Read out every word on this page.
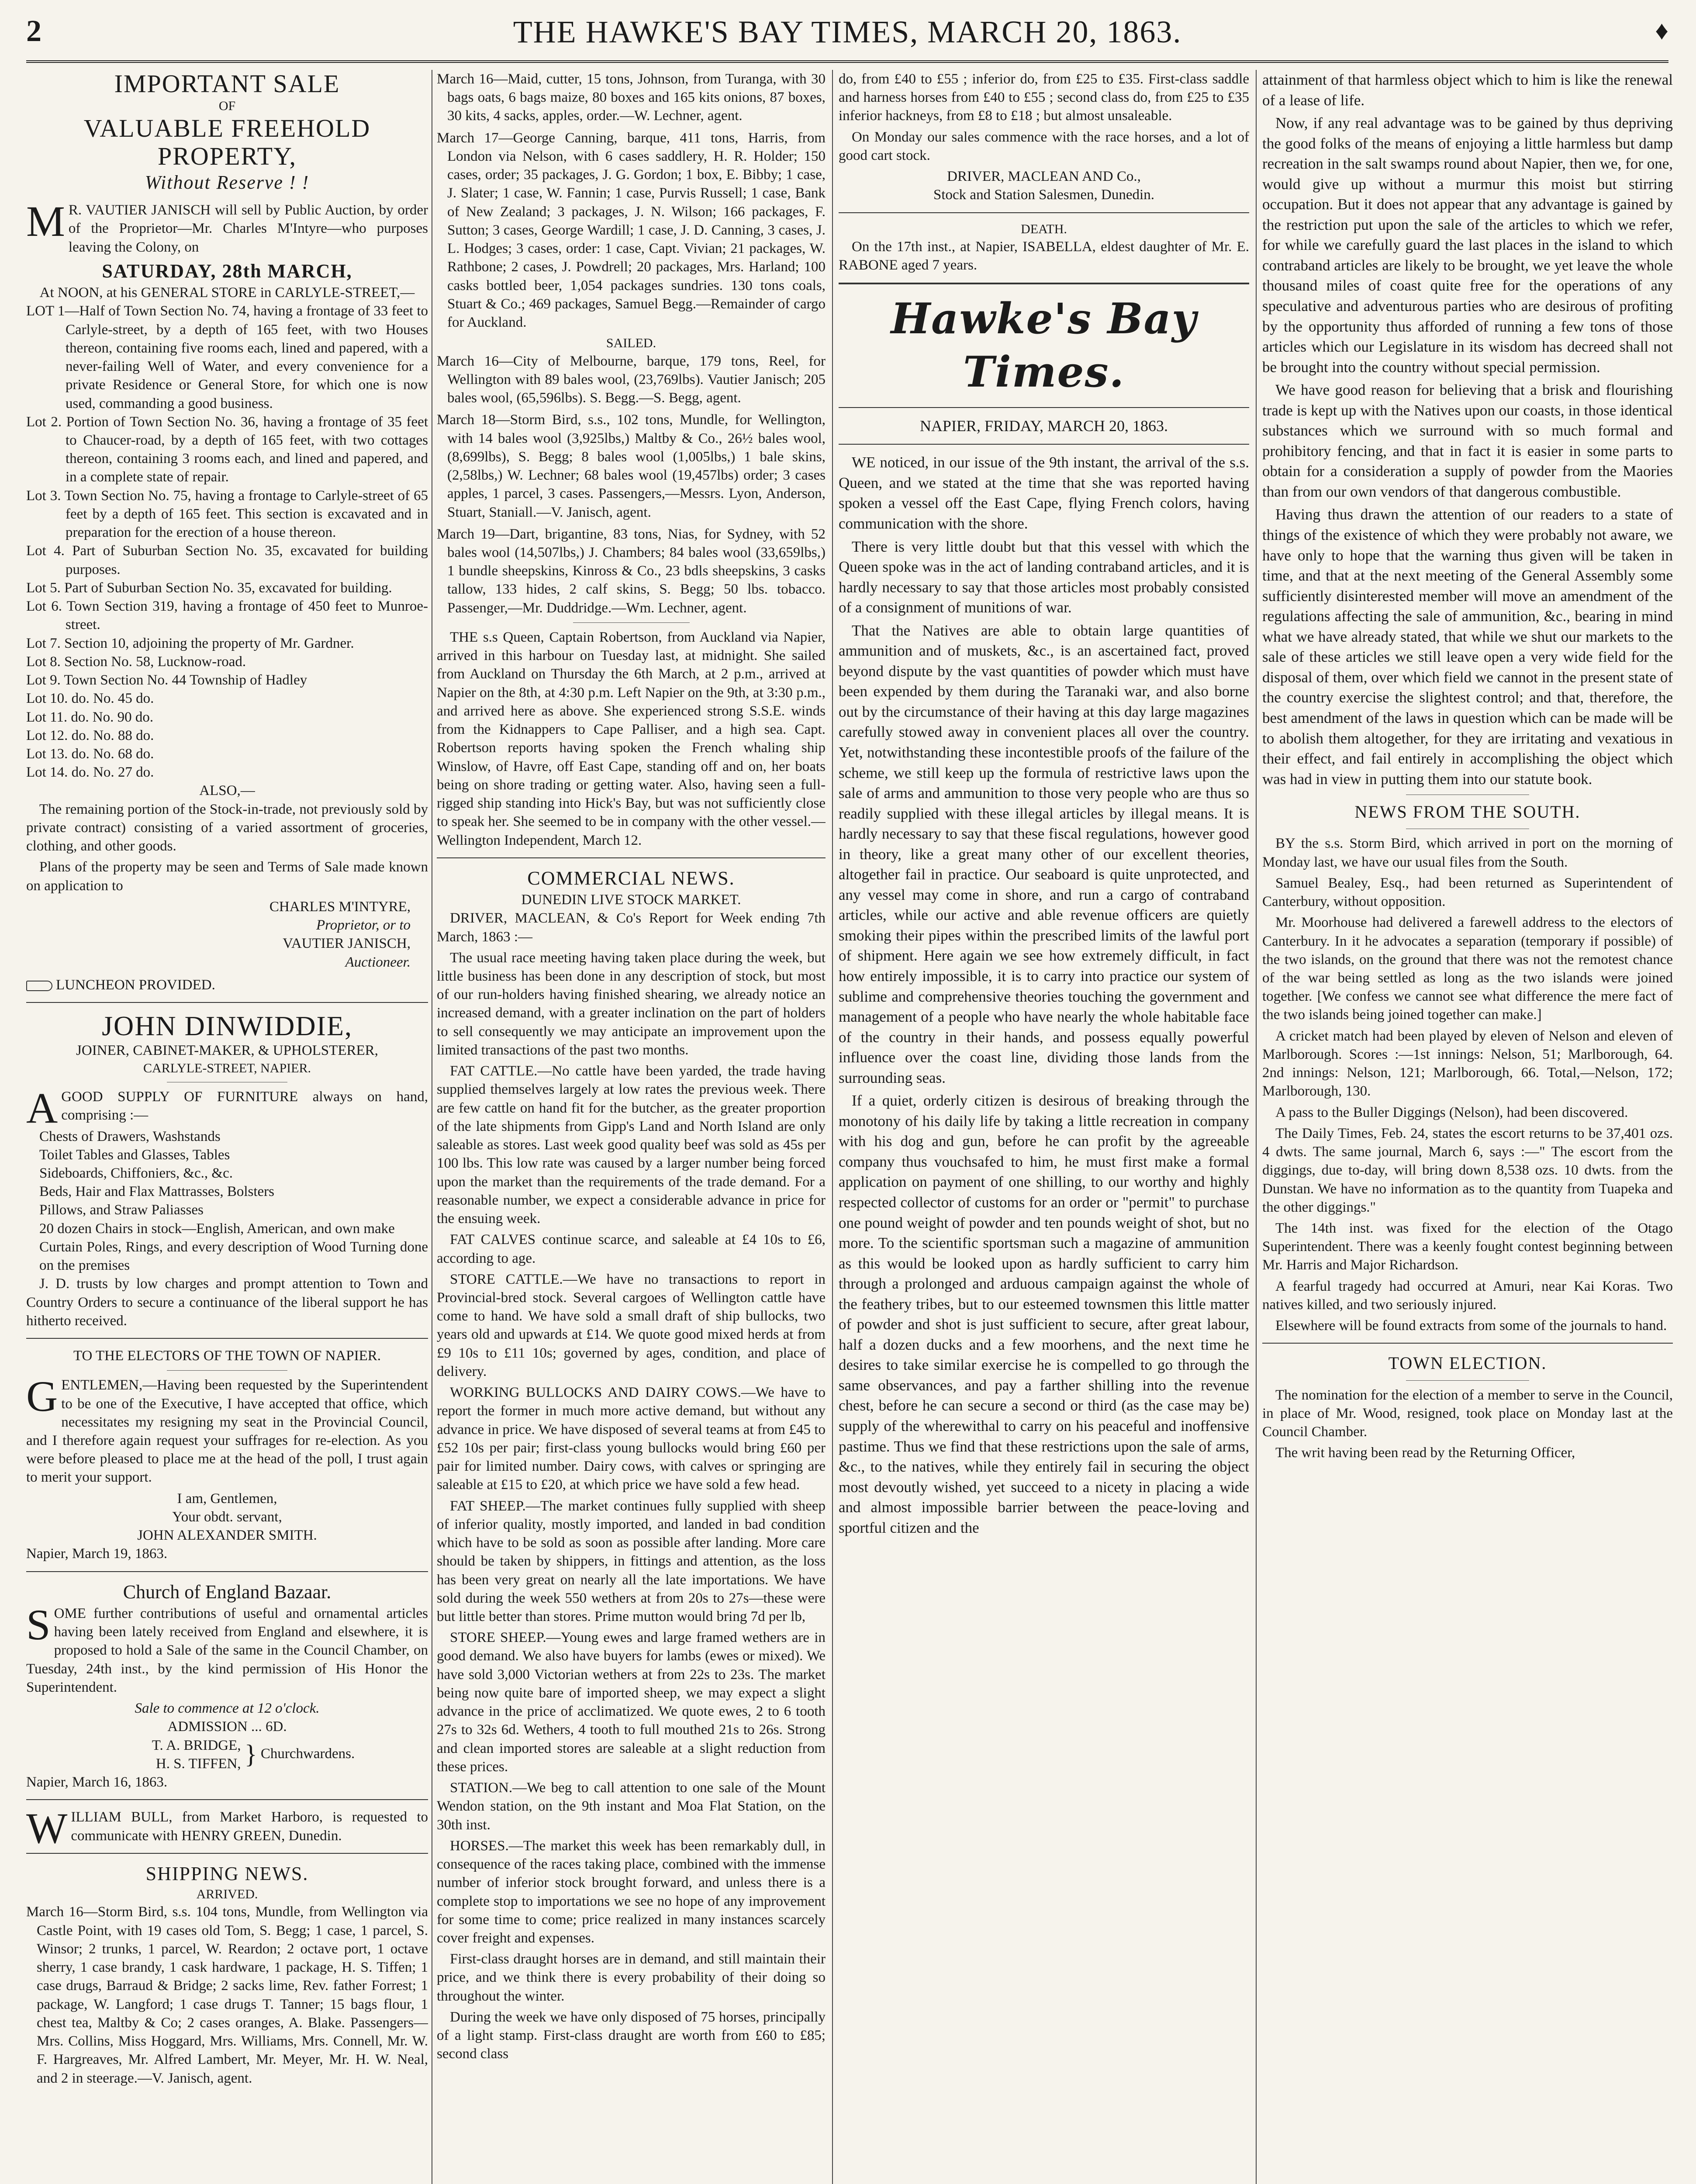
2	THE HAWKE'S BAY TIMES, MARCH 20, 1863.	♦
IMPORTANT SALE
OF
VALUABLE FREEHOLD PROPERTY,
Without Reserve ! !

M R. VAUTIER JANISCH will sell by Public Auction, by order of the Proprietor—Mr. Charles M'Intyre—who purposes leaving the Colony, on

SATURDAY, 28th MARCH,
At NOON, at his GENERAL STORE in CARLYLE-STREET,—

LOT 1—Half of Town Section No. 74, having a frontage of 33 feet to Carlyle-street, by a depth of 165 feet, with two Houses thereon, containing five rooms each, lined and papered, with a never-failing Well of Water, and every convenience for a private Residence or General Store, for which one is now used, commanding a good business.

Lot 2. Portion of Town Section No. 36, having a frontage of 35 feet to Chaucer-road, by a depth of 165 feet, with two cottages thereon, containing 3 rooms each, and lined and papered, and in a complete state of repair.

Lot 3. Town Section No. 75, having a frontage to Carlyle-street of 65 feet by a depth of 165 feet. This section is excavated and in preparation for the erection of a house thereon.

Lot 4. Part of Suburban Section No. 35, excavated for building purposes.

Lot 5. Part of Suburban Section No. 35, excavated for building.

Lot 6. Town Section 319, having a frontage of 450 feet to Munroe-street.

Lot 7. Section 10, adjoining the property of Mr. Gardner.

Lot 8. Section No. 58, Lucknow-road.

Lot 9. Town Section No. 44 Township of Hadley

Lot 10. do. No. 45 do.

Lot 11. do. No. 90 do.

Lot 12. do. No. 88 do.

Lot 13. do. No. 68 do.

Lot 14. do. No. 27 do.

ALSO,—

The remaining portion of the Stock-in-trade, not previously sold by private contract) consisting of a varied assortment of groceries, clothing, and other goods.

Plans of the property may be seen and Terms of Sale made known on application to

CHARLES M'INTYRE,
Proprietor, or to
VAUTIER JANISCH,
Auctioneer.
LUNCHEON PROVIDED.
JOHN DINWIDDIE,
JOINER, CABINET-MAKER, & UPHOLSTERER,
CARLYLE-STREET, NAPIER.

AGOOD SUPPLY OF FURNITURE always on hand, comprising :—

Chests of Drawers, Washstands
Toilet Tables and Glasses, Tables
Sideboards, Chiffoniers, &c., &c.
Beds, Hair and Flax Mattrasses, Bolsters
Pillows, and Straw Paliasses
20 dozen Chairs in stock—English, American, and own make
Curtain Poles, Rings, and every description of Wood Turning done on the premises

J. D. trusts by low charges and prompt attention to Town and Country Orders to secure a continuance of the liberal support he has hitherto received.

TO THE ELECTORS OF THE TOWN OF NAPIER.

GENTLEMEN,—Having been requested by the Superintendent to be one of the Executive, I have accepted that office, which necessitates my resigning my seat in the Provincial Council, and I therefore again request your suffrages for re-election. As you were before pleased to place me at the head of the poll, I trust again to merit your support.

I am, Gentlemen,
Your obdt. servant,
JOHN ALEXANDER SMITH.
Napier, March 19, 1863.
Church of England Bazaar.

SOME further contributions of useful and ornamental articles having been lately received from England and elsewhere, it is proposed to hold a Sale of the same in the Council Chamber, on Tuesday, 24th inst., by the kind permission of His Honor the Superintendent.

Sale to commence at 12 o'clock.
ADMISSION ... 6D.
T. A. BRIDGE,
H. S. TIFFEN, } Churchwardens.
Napier, March 16, 1863.

WILLIAM BULL, from Market Harboro, is requested to communicate with HENRY GREEN, Dunedin.

SHIPPING NEWS.
ARRIVED.

March 16—Storm Bird, s.s. 104 tons, Mundle, from Wellington via Castle Point, with 19 cases old Tom, S. Begg; 1 case, 1 parcel, S. Winsor; 2 trunks, 1 parcel, W. Reardon; 2 octave port, 1 octave sherry, 1 case brandy, 1 cask hardware, 1 package, H. S. Tiffen; 1 case drugs, Barraud & Bridge; 2 sacks lime, Rev. father Forrest; 1 package, W. Langford; 1 case drugs T. Tanner; 15 bags flour, 1 chest tea, Maltby & Co; 2 cases oranges, A. Blake. Passengers—Mrs. Collins, Miss Hoggard, Mrs. Williams, Mrs. Connell, Mr. W. F. Hargreaves, Mr. Alfred Lambert, Mr. Meyer, Mr. H. W. Neal, and 2 in steerage.—V. Janisch, agent.

March 16—Maid, cutter, 15 tons, Johnson, from Turanga, with 30 bags oats, 6 bags maize, 80 boxes and 165 kits onions, 87 boxes, 30 kits, 4 sacks, apples, order.—W. Lechner, agent.

March 17—George Canning, barque, 411 tons, Harris, from London via Nelson, with 6 cases saddlery, H. R. Holder; 150 cases, order; 35 packages, J. G. Gordon; 1 box, E. Bibby; 1 case, J. Slater; 1 case, W. Fannin; 1 case, Purvis Russell; 1 case, Bank of New Zealand; 3 packages, J. N. Wilson; 166 packages, F. Sutton; 3 cases, George Wardill; 1 case, J. D. Canning, 3 cases, J. L. Hodges; 3 cases, order: 1 case, Capt. Vivian; 21 packages, W. Rathbone; 2 cases, J. Powdrell; 20 packages, Mrs. Harland; 100 casks bottled beer, 1,054 packages sundries. 130 tons coals, Stuart & Co.; 469 packages, Samuel Begg.—Remainder of cargo for Auckland.

SAILED.

March 16—City of Melbourne, barque, 179 tons, Reel, for Wellington with 89 bales wool, (23,769lbs). Vautier Janisch; 205 bales wool, (65,596lbs). S. Begg.—S. Begg, agent.

March 18—Storm Bird, s.s., 102 tons, Mundle, for Wellington, with 14 bales wool (3,925lbs,) Maltby & Co., 26½ bales wool, (8,699lbs), S. Begg; 8 bales wool (1,005lbs,) 1 bale skins, (2,58lbs,) W. Lechner; 68 bales wool (19,457lbs) order; 3 cases apples, 1 parcel, 3 cases. Passengers,—Messrs. Lyon, Anderson, Stuart, Staniall.—V. Janisch, agent.

March 19—Dart, brigantine, 83 tons, Nias, for Sydney, with 52 bales wool (14,507lbs,) J. Chambers; 84 bales wool (33,659lbs,) 1 bundle sheepskins, Kinross & Co., 23 bdls sheepskins, 3 casks tallow, 133 hides, 2 calf skins, S. Begg; 50 lbs. tobacco. Passenger,—Mr. Duddridge.—Wm. Lechner, agent.

THE s.s Queen, Captain Robertson, from Auckland via Napier, arrived in this harbour on Tuesday last, at midnight. She sailed from Auckland on Thursday the 6th March, at 2 p.m., arrived at Napier on the 8th, at 4:30 p.m. Left Napier on the 9th, at 3:30 p.m., and arrived here as above. She experienced strong S.S.E. winds from the Kidnappers to Cape Palliser, and a high sea. Capt. Robertson reports having spoken the French whaling ship Winslow, of Havre, off East Cape, standing off and on, her boats being on shore trading or getting water. Also, having seen a full-rigged ship standing into Hick's Bay, but was not sufficiently close to speak her. She seemed to be in company with the other vessel.—Wellington Independent, March 12.

COMMERCIAL NEWS.
DUNEDIN LIVE STOCK MARKET.

DRIVER, MACLEAN, & Co's Report for Week ending 7th March, 1863 :—

The usual race meeting having taken place during the week, but little business has been done in any description of stock, but most of our run-holders having finished shearing, we already notice an increased demand, with a greater inclination on the part of holders to sell consequently we may anticipate an improvement upon the limited transactions of the past two months.

FAT CATTLE.—No cattle have been yarded, the trade having supplied themselves largely at low rates the previous week. There are few cattle on hand fit for the butcher, as the greater proportion of the late shipments from Gipp's Land and North Island are only saleable as stores. Last week good quality beef was sold as 45s per 100 lbs. This low rate was caused by a larger number being forced upon the market than the requirements of the trade demand. For a reasonable number, we expect a considerable advance in price for the ensuing week.

FAT CALVES continue scarce, and saleable at £4 10s to £6, according to age.

STORE CATTLE.—We have no transactions to report in Provincial-bred stock. Several cargoes of Wellington cattle have come to hand. We have sold a small draft of ship bullocks, two years old and upwards at £14. We quote good mixed herds at from £9 10s to £11 10s; governed by ages, condition, and place of delivery.

WORKING BULLOCKS AND DAIRY COWS.—We have to report the former in much more active demand, but without any advance in price. We have disposed of several teams at from £45 to £52 10s per pair; first-class young bullocks would bring £60 per pair for limited number. Dairy cows, with calves or springing are saleable at £15 to £20, at which price we have sold a few head.

FAT SHEEP.—The market continues fully supplied with sheep of inferior quality, mostly imported, and landed in bad condition which have to be sold as soon as possible after landing. More care should be taken by shippers, in fittings and attention, as the loss has been very great on nearly all the late importations. We have sold during the week 550 wethers at from 20s to 27s—these were but little better than stores. Prime mutton would bring 7d per lb,

STORE SHEEP.—Young ewes and large framed wethers are in good demand. We also have buyers for lambs (ewes or mixed). We have sold 3,000 Victorian wethers at from 22s to 23s. The market being now quite bare of imported sheep, we may expect a slight advance in the price of acclimatized. We quote ewes, 2 to 6 tooth 27s to 32s 6d. Wethers, 4 tooth to full mouthed 21s to 26s. Strong and clean imported stores are saleable at a slight reduction from these prices.

STATION.—We beg to call attention to one sale of the Mount Wendon station, on the 9th instant and Moa Flat Station, on the 30th inst.

HORSES.—The market this week has been remarkably dull, in consequence of the races taking place, combined with the immense number of inferior stock brought forward, and unless there is a complete stop to importations we see no hope of any improvement for some time to come; price realized in many instances scarcely cover freight and expenses.

First-class draught horses are in demand, and still maintain their price, and we think there is every probability of their doing so throughout the winter.

During the week we have only disposed of 75 horses, principally of a light stamp. First-class draught are worth from £60 to £85; second class

do, from £40 to £55 ; inferior do, from £25 to £35. First-class saddle and harness horses from £40 to £55 ; second class do, from £25 to £35 inferior hackneys, from £8 to £18 ; but almost unsaleable.

On Monday our sales commence with the race horses, and a lot of good cart stock.

DRIVER, MACLEAN AND Co.,
Stock and Station Salesmen, Dunedin.
DEATH.

On the 17th inst., at Napier, ISABELLA, eldest daughter of Mr. E. RABONE aged 7 years.

Hawke's Bay Times.
NAPIER, FRIDAY, MARCH 20, 1863.

WE noticed, in our issue of the 9th instant, the arrival of the s.s. Queen, and we stated at the time that she was reported having spoken a vessel off the East Cape, flying French colors, having communication with the shore.

There is very little doubt but that this vessel with which the Queen spoke was in the act of landing contraband articles, and it is hardly necessary to say that those articles most probably consisted of a consignment of munitions of war.

That the Natives are able to obtain large quantities of ammunition and of muskets, &c., is an ascertained fact, proved beyond dispute by the vast quantities of powder which must have been expended by them during the Taranaki war, and also borne out by the circumstance of their having at this day large magazines carefully stowed away in convenient places all over the country. Yet, notwithstanding these incontestible proofs of the failure of the scheme, we still keep up the formula of restrictive laws upon the sale of arms and ammunition to those very people who are thus so readily supplied with these illegal articles by illegal means. It is hardly necessary to say that these fiscal regulations, however good in theory, like a great many other of our excellent theories, altogether fail in practice. Our seaboard is quite unprotected, and any vessel may come in shore, and run a cargo of contraband articles, while our active and able revenue officers are quietly smoking their pipes within the prescribed limits of the lawful port of shipment. Here again we see how extremely difficult, in fact how entirely impossible, it is to carry into practice our system of sublime and comprehensive theories touching the government and management of a people who have nearly the whole habitable face of the country in their hands, and possess equally powerful influence over the coast line, dividing those lands from the surrounding seas.

If a quiet, orderly citizen is desirous of breaking through the monotony of his daily life by taking a little recreation in company with his dog and gun, before he can profit by the agreeable company thus vouchsafed to him, he must first make a formal application on payment of one shilling, to our worthy and highly respected collector of customs for an order or "permit" to purchase one pound weight of powder and ten pounds weight of shot, but no more. To the scientific sportsman such a magazine of ammunition as this would be looked upon as hardly sufficient to carry him through a prolonged and arduous campaign against the whole of the feathery tribes, but to our esteemed townsmen this little matter of powder and shot is just sufficient to secure, after great labour, half a dozen ducks and a few moorhens, and the next time he desires to take similar exercise he is compelled to go through the same observances, and pay a farther shilling into the revenue chest, before he can secure a second or third (as the case may be) supply of the wherewithal to carry on his peaceful and inoffensive pastime. Thus we find that these restrictions upon the sale of arms, &c., to the natives, while they entirely fail in securing the object most devoutly wished, yet succeed to a nicety in placing a wide and almost impossible barrier between the peace-loving and sportful citizen and the

attainment of that harmless object which to him is like the renewal of a lease of life.

Now, if any real advantage was to be gained by thus depriving the good folks of the means of enjoying a little harmless but damp recreation in the salt swamps round about Napier, then we, for one, would give up without a murmur this moist but stirring occupation. But it does not appear that any advantage is gained by the restriction put upon the sale of the articles to which we refer, for while we carefully guard the last places in the island to which contraband articles are likely to be brought, we yet leave the whole thousand miles of coast quite free for the operations of any speculative and adventurous parties who are desirous of profiting by the opportunity thus afforded of running a few tons of those articles which our Legislature in its wisdom has decreed shall not be brought into the country without special permission.

We have good reason for believing that a brisk and flourishing trade is kept up with the Natives upon our coasts, in those identical substances which we surround with so much formal and prohibitory fencing, and that in fact it is easier in some parts to obtain for a consideration a supply of powder from the Maories than from our own vendors of that dangerous combustible.

Having thus drawn the attention of our readers to a state of things of the existence of which they were probably not aware, we have only to hope that the warning thus given will be taken in time, and that at the next meeting of the General Assembly some sufficiently disinterested member will move an amendment of the regulations affecting the sale of ammunition, &c., bearing in mind what we have already stated, that while we shut our markets to the sale of these articles we still leave open a very wide field for the disposal of them, over which field we cannot in the present state of the country exercise the slightest control; and that, therefore, the best amendment of the laws in question which can be made will be to abolish them altogether, for they are irritating and vexatious in their effect, and fail entirely in accomplishing the object which was had in view in putting them into our statute book.

NEWS FROM THE SOUTH.

BY the s.s. Storm Bird, which arrived in port on the morning of Monday last, we have our usual files from the South.

Samuel Bealey, Esq., had been returned as Superintendent of Canterbury, without opposition.

Mr. Moorhouse had delivered a farewell address to the electors of Canterbury. In it he advocates a separation (temporary if possible) of the two islands, on the ground that there was not the remotest chance of the war being settled as long as the two islands were joined together. [We confess we cannot see what difference the mere fact of the two islands being joined together can make.]

A cricket match had been played by eleven of Nelson and eleven of Marlborough. Scores :—1st innings: Nelson, 51; Marlborough, 64. 2nd innings: Nelson, 121; Marlborough, 66. Total,—Nelson, 172; Marlborough, 130.

A pass to the Buller Diggings (Nelson), had been discovered.

The Daily Times, Feb. 24, states the escort returns to be 37,401 ozs. 4 dwts. The same journal, March 6, says :—" The escort from the diggings, due to-day, will bring down 8,538 ozs. 10 dwts. from the Dunstan. We have no information as to the quantity from Tuapeka and the other diggings."

The 14th inst. was fixed for the election of the Otago Superintendent. There was a keenly fought contest beginning between Mr. Harris and Major Richardson.

A fearful tragedy had occurred at Amuri, near Kai Koras. Two natives killed, and two seriously injured.

Elsewhere will be found extracts from some of the journals to hand.

TOWN ELECTION.

The nomination for the election of a member to serve in the Council, in place of Mr. Wood, resigned, took place on Monday last at the Council Chamber.

The writ having been read by the Returning Officer,
